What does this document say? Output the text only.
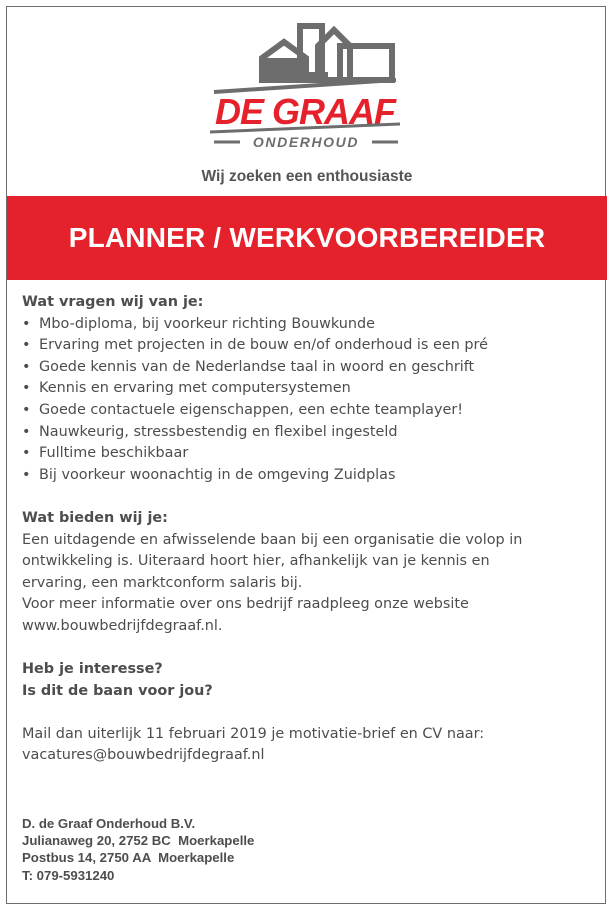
DE GRAAF
ONDERHOUD
Wij zoeken een enthousiaste
PLANNER / WERKVOORBEREIDER
Wat vragen wij van je:
• Mbo-diploma, bij voorkeur richting Bouwkunde
• Ervaring met projecten in de bouw en/of onderhoud is een pré
• Goede kennis van de Nederlandse taal in woord en geschrift
• Kennis en ervaring met computersystemen
• Goede contactuele eigenschappen, een echte teamplayer!
• Nauwkeurig, stressbestendig en flexibel ingesteld
• Fulltime beschikbaar
• Bij voorkeur woonachtig in de omgeving Zuidplas
Wat bieden wij je:
Een uitdagende en afwisselende baan bij een organisatie die volop in
ontwikkeling is. Uiteraard hoort hier, afhankelijk van je kennis en
ervaring, een marktconform salaris bij.
Voor meer informatie over ons bedrijf raadpleeg onze website
www.bouwbedrijfdegraaf.nl.
Heb je interesse?
Is dit de baan voor jou?
Mail dan uiterlijk 11 februari 2019 je motivatie-brief en CV naar:
vacatures@bouwbedrijfdegraaf.nl
D. de Graaf Onderhoud B.V.
Julianaweg 20, 2752 BC  Moerkapelle
Postbus 14, 2750 AA  Moerkapelle
T: 079-5931240
